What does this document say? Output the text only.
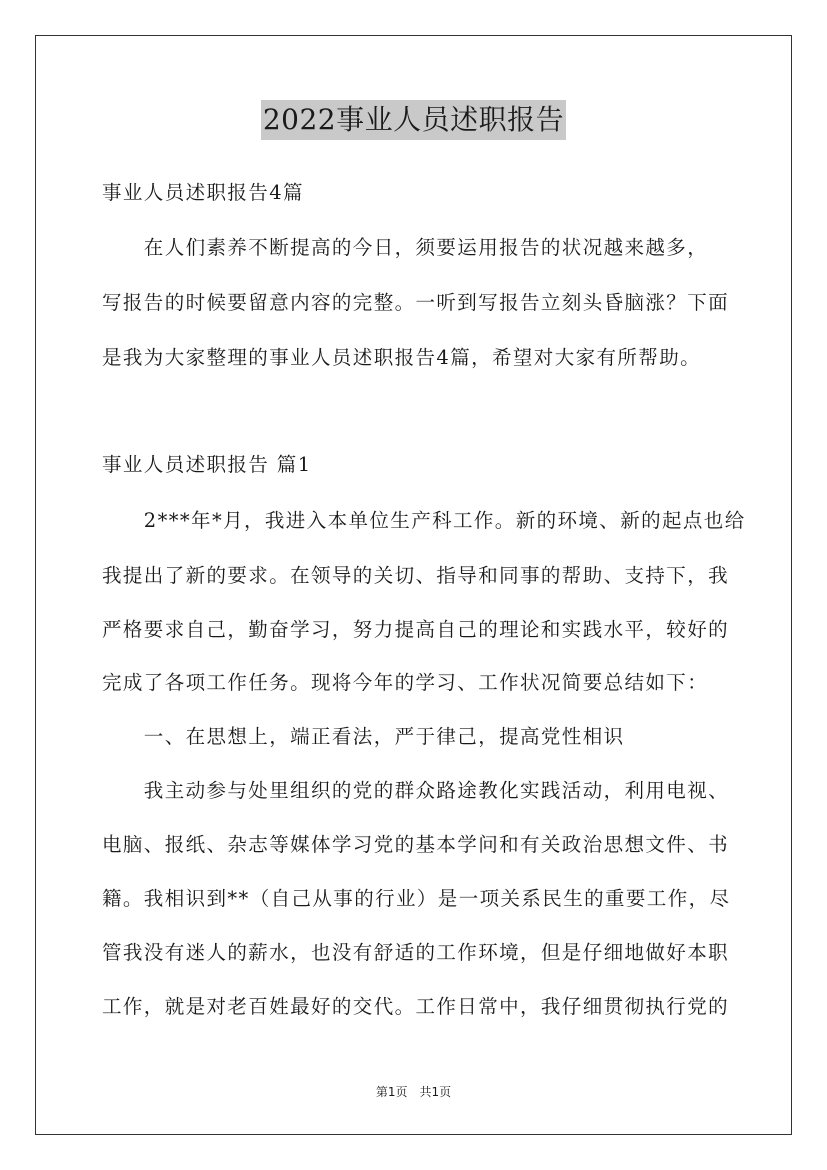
2022事业人员述职报告
事业人员述职报告4篇
　　在人们素养不断提高的今日，须要运用报告的状况越来越多，
写报告的时候要留意内容的完整。一听到写报告立刻头昏脑涨？下面
是我为大家整理的事业人员述职报告4篇，希望对大家有所帮助。
事业人员述职报告 篇1
　　2***年*月，我进入本单位生产科工作。新的环境、新的起点也给
我提出了新的要求。在领导的关切、指导和同事的帮助、支持下，我
严格要求自己，勤奋学习，努力提高自己的理论和实践水平，较好的
完成了各项工作任务。现将今年的学习、工作状况简要总结如下：
　　一、在思想上，端正看法，严于律己，提高党性相识
　　我主动参与处里组织的党的群众路途教化实践活动，利用电视、
电脑、报纸、杂志等媒体学习党的基本学问和有关政治思想文件、书
籍。我相识到**（自己从事的行业）是一项关系民生的重要工作，尽
管我没有迷人的薪水，也没有舒适的工作环境，但是仔细地做好本职
工作，就是对老百姓最好的交代。工作日常中，我仔细贯彻执行党的
第1页　共1页
